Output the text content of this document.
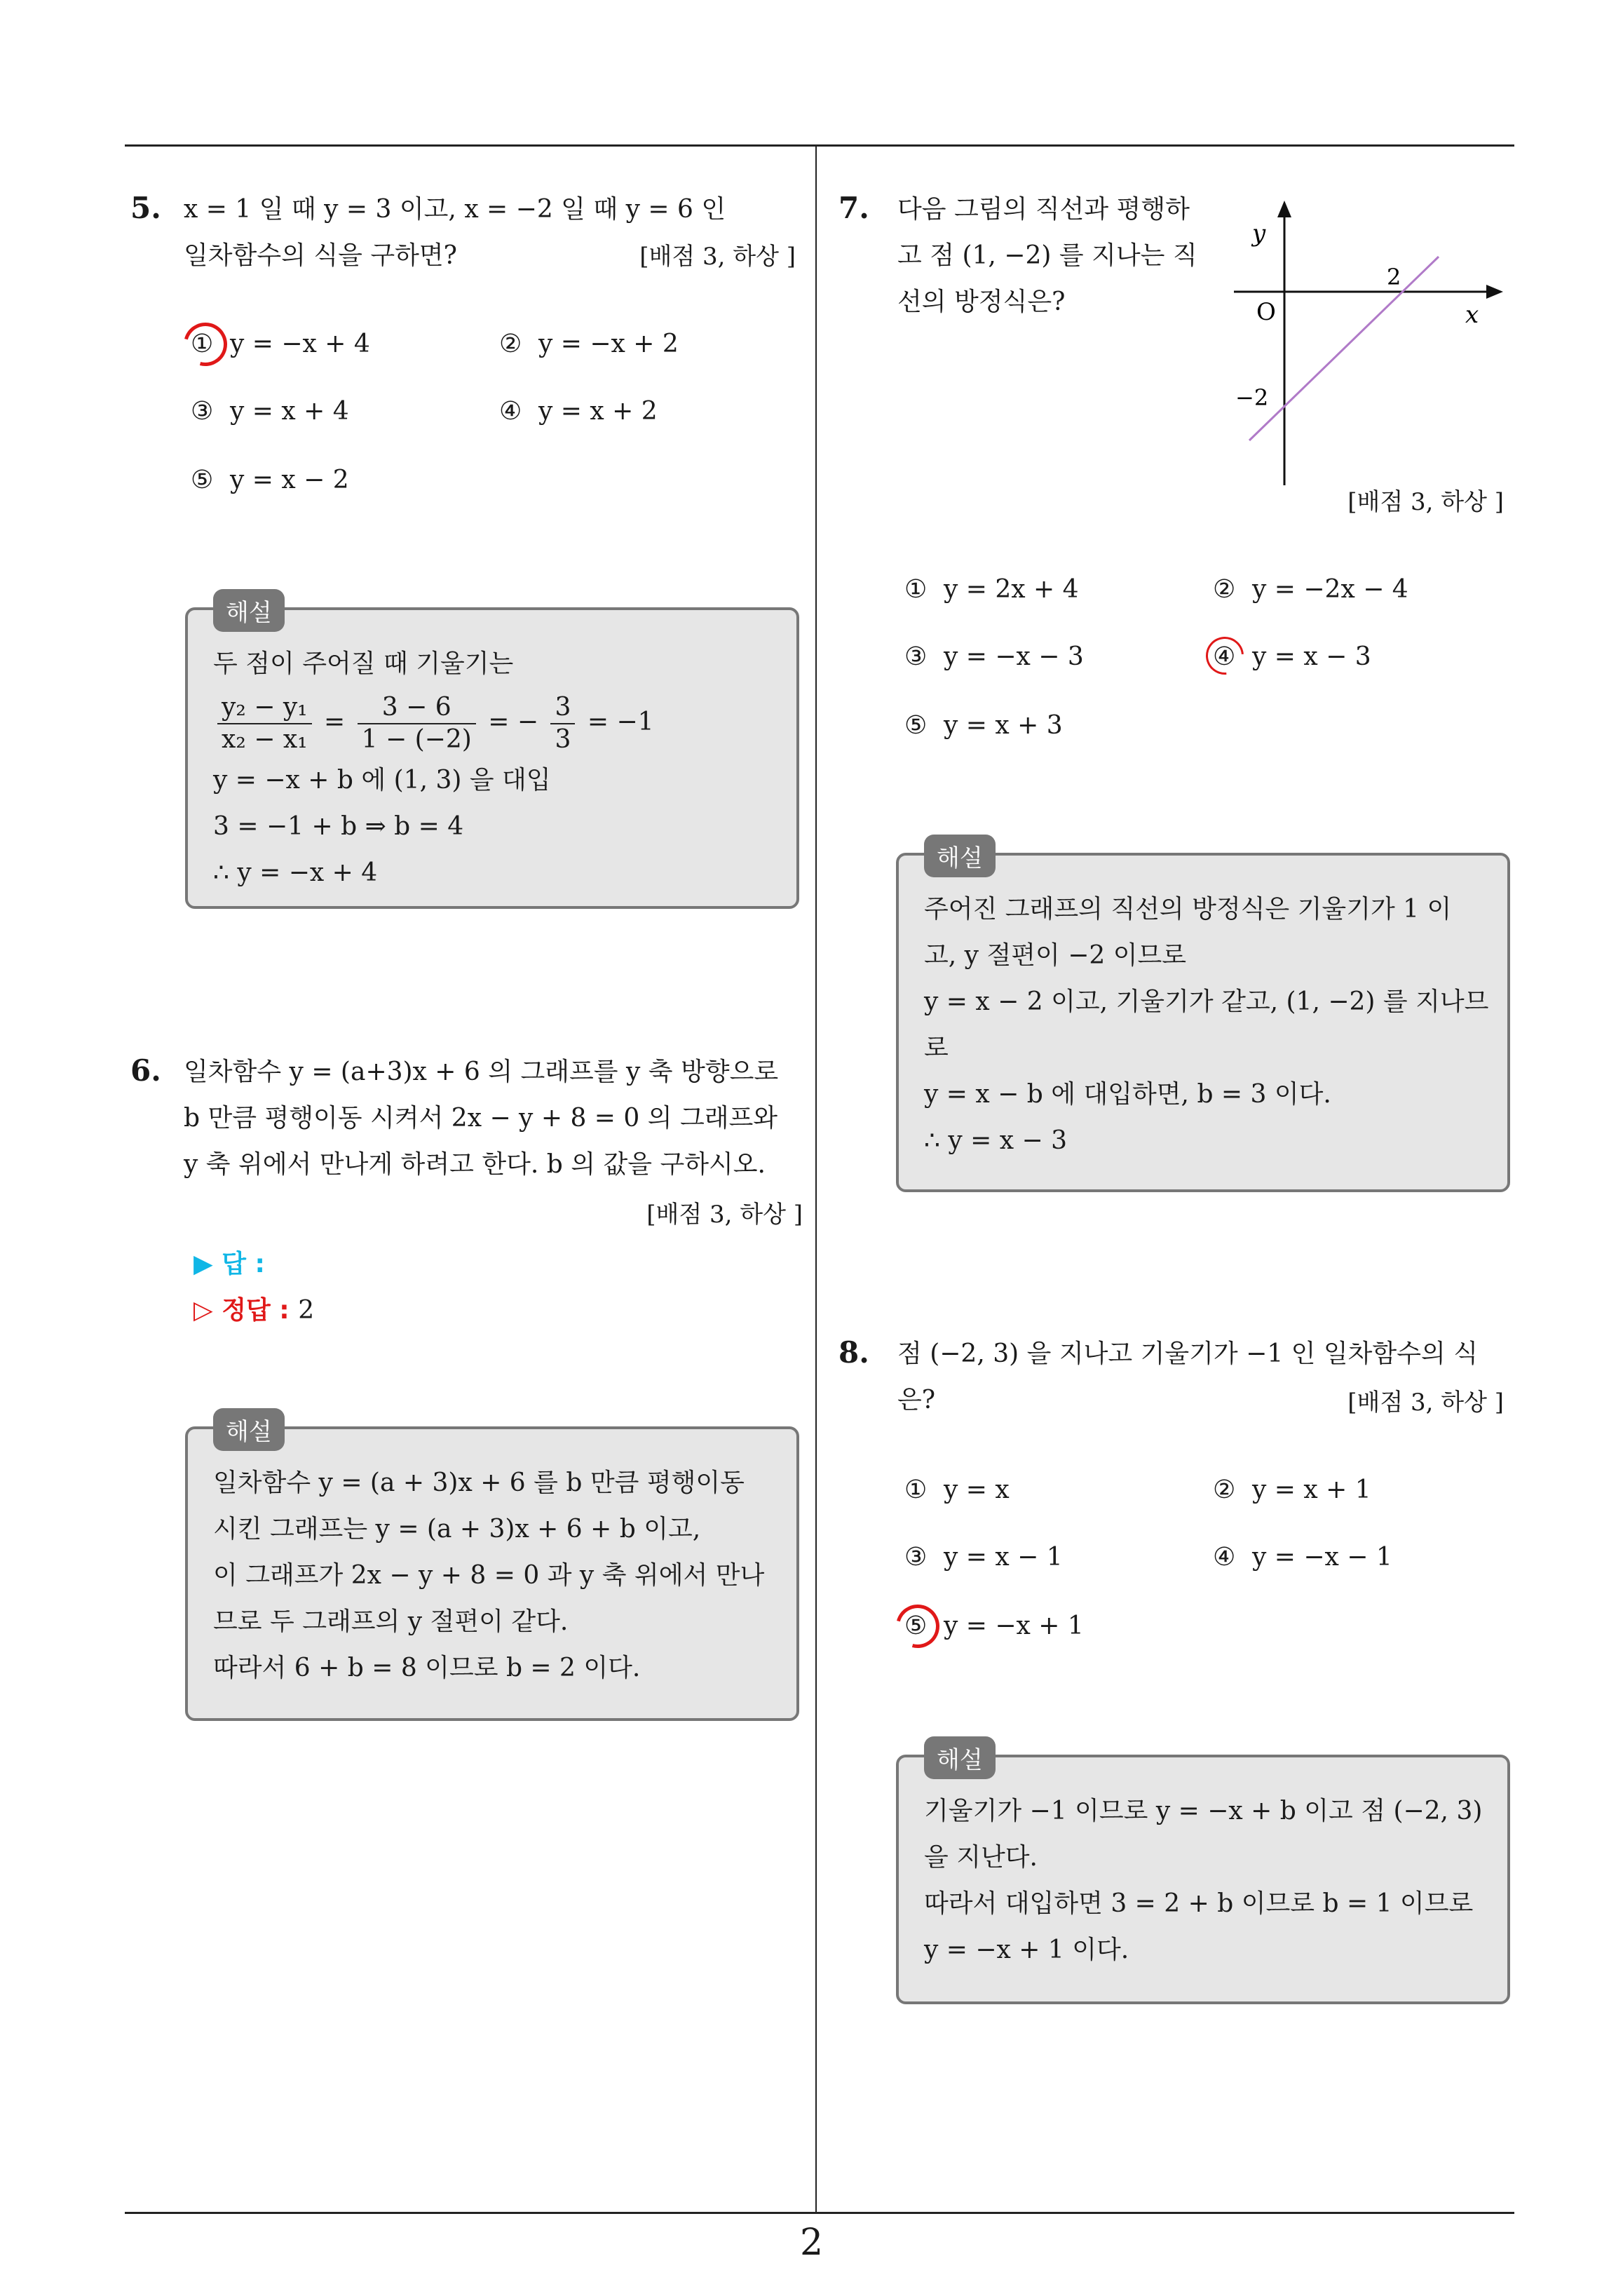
5. x = 1 일 때 y = 3 이고, x = −2 일 때 y = 6 인
일차함수의 식을 구하면?	[배점 3, 하상 ]
① y = −x + 4	② y = −x + 2
③ y = x + 4	④ y = x + 2
⑤ y = x − 2
해설
두 점이 주어질 때 기울기는
$\frac{\text{y₂ − y₁}}{\text{x₂ − x₁}} = \frac{3 - 6}{1 - (-2)}$ = − $\frac{3}{3} = -1$
y = −x + b 에 (1, 3) 을 대입
3 = −1 + b ⇒ b = 4
∴ y = −x + 4
6. 일차함수 y = (a+3)x + 6 의 그래프를 y 축 방향으로
b 만큼 평행이동 시켜서 2x − y + 8 = 0 의 그래프와
y 축 위에서 만나게 하려고 한다. b 의 값을 구하시오.
[배점 3, 하상 ]
▶ 답 :
▷ 정답 : 2
해설
일차함수 y = (a + 3)x + 6 를 b 만큼 평행이동
시킨 그래프는 y = (a + 3)x + 6 + b 이고,
이 그래프가 2x − y + 8 = 0 과 y 축 위에서 만나
므로 두 그래프의 y 절편이 같다.
따라서 6 + b = 8 이므로 b = 2 이다.
7. 다음 그림의 직선과 평행하
고 점 (1, −2) 를 지나는 직
선의 방정식은?
y
x
O
2
−2
[배점 3, 하상 ]
① y = 2x + 4	② y = −2x − 4
③ y = −x − 3	④ y = x − 3
⑤ y = x + 3
해설
주어진 그래프의 직선의 방정식은 기울기가 1 이
고, y 절편이 −2 이므로
y = x − 2 이고, 기울기가 같고, (1, −2) 를 지나므
로
y = x − b 에 대입하면, b = 3 이다.
∴ y = x − 3
8. 점 (−2, 3) 을 지나고 기울기가 −1 인 일차함수의 식
은?	[배점 3, 하상 ]
① y = x	② y = x + 1
③ y = x − 1	④ y = −x − 1
⑤ y = −x + 1
해설
기울기가 −1 이므로 y = −x + b 이고 점 (−2, 3)
을 지난다.
따라서 대입하면 3 = 2 + b 이므로 b = 1 이므로
y = −x + 1 이다.
2
